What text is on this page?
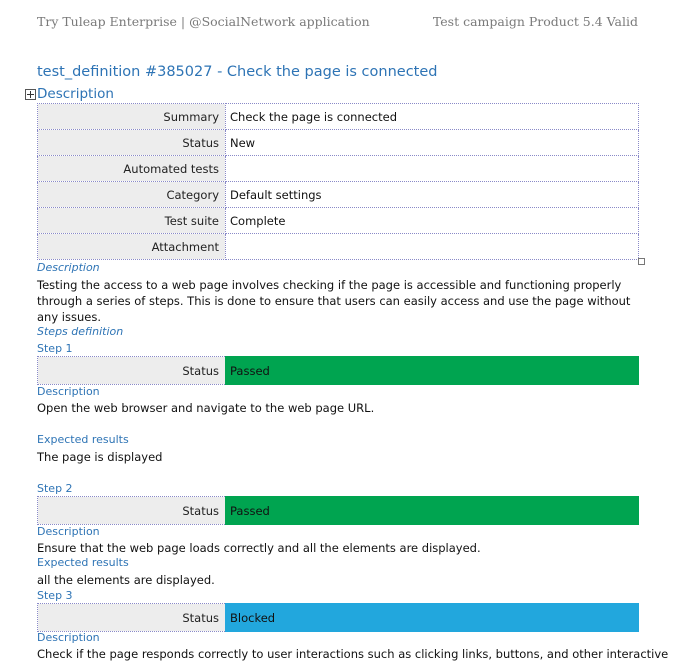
Try Tuleap Enterprise | @SocialNetwork application	Test campaign Product 5.4 Valid
test_definition #385027 - Check the page is connected
Description
Summary	Check the page is connected
Status	New
Automated tests	
Category	Default settings
Test suite	Complete
Attachment	
Description
Testing the access to a web page involves checking if the page is accessible and functioning properly through a series of steps. This is done to ensure that users can easily access and use the page without any issues.
Steps definition
Step 1
Status	Passed
Description
Open the web browser and navigate to the web page URL.
Expected results
The page is displayed
Step 2
Status	Passed
Description
Ensure that the web page loads correctly and all the elements are displayed.
Expected results
all the elements are displayed.
Step 3
Status	Blocked
Description
Check if the page responds correctly to user interactions such as clicking links, buttons, and other interactive
